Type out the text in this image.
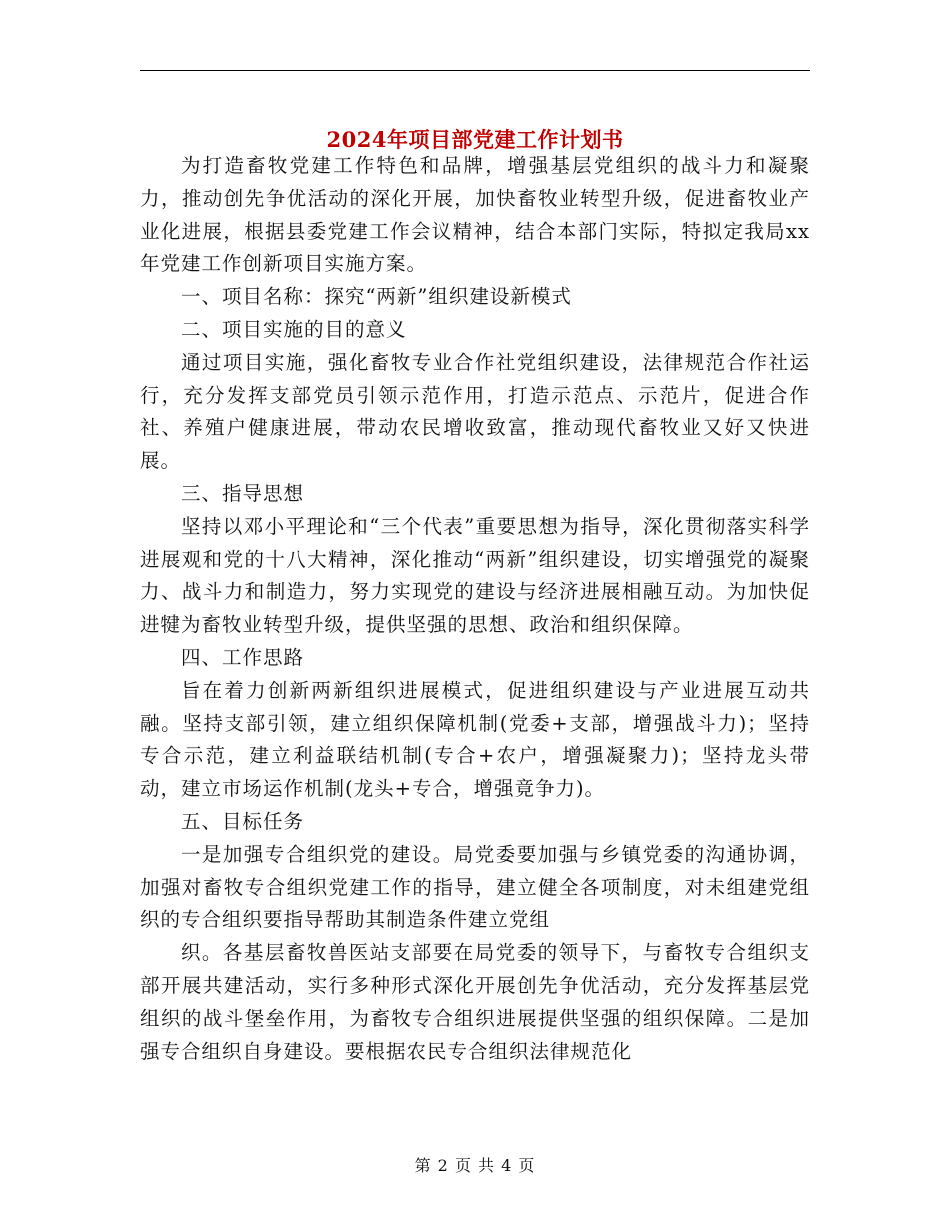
2024年项目部党建工作计划书

为打造畜牧党建工作特色和品牌，增强基层党组织的战斗力和凝聚力，推动创先争优活动的深化开展，加快畜牧业转型升级，促进畜牧业产业化进展，根据县委党建工作会议精神，结合本部门实际，特拟定我局xx年党建工作创新项目实施方案。

一、项目名称：探究“两新”组织建设新模式

二、项目实施的目的意义

通过项目实施，强化畜牧专业合作社党组织建设，法律规范合作社运行，充分发挥支部党员引领示范作用，打造示范点、示范片，促进合作社、养殖户健康进展，带动农民增收致富，推动现代畜牧业又好又快进展。

三、指导思想

坚持以邓小平理论和“三个代表”重要思想为指导，深化贯彻落实科学进展观和党的十八大精神，深化推动“两新”组织建设，切实增强党的凝聚力、战斗力和制造力，努力实现党的建设与经济进展相融互动。为加快促进犍为畜牧业转型升级，提供坚强的思想、政治和组织保障。

四、工作思路

旨在着力创新两新组织进展模式，促进组织建设与产业进展互动共融。坚持支部引领，建立组织保障机制(党委+支部，增强战斗力)；坚持专合示范，建立利益联结机制(专合+农户，增强凝聚力)；坚持龙头带动，建立市场运作机制(龙头+专合，增强竟争力)。

五、目标任务

一是加强专合组织党的建设。局党委要加强与乡镇党委的沟通协调，加强对畜牧专合组织党建工作的指导，建立健全各项制度，对未组建党组织的专合组织要指导帮助其制造条件建立党组

织。各基层畜牧兽医站支部要在局党委的领导下，与畜牧专合组织支部开展共建活动，实行多种形式深化开展创先争优活动，充分发挥基层党组织的战斗堡垒作用，为畜牧专合组织进展提供坚强的组织保障。二是加强专合组织自身建设。要根据农民专合组织法律规范化

第 2 页 共 4 页
